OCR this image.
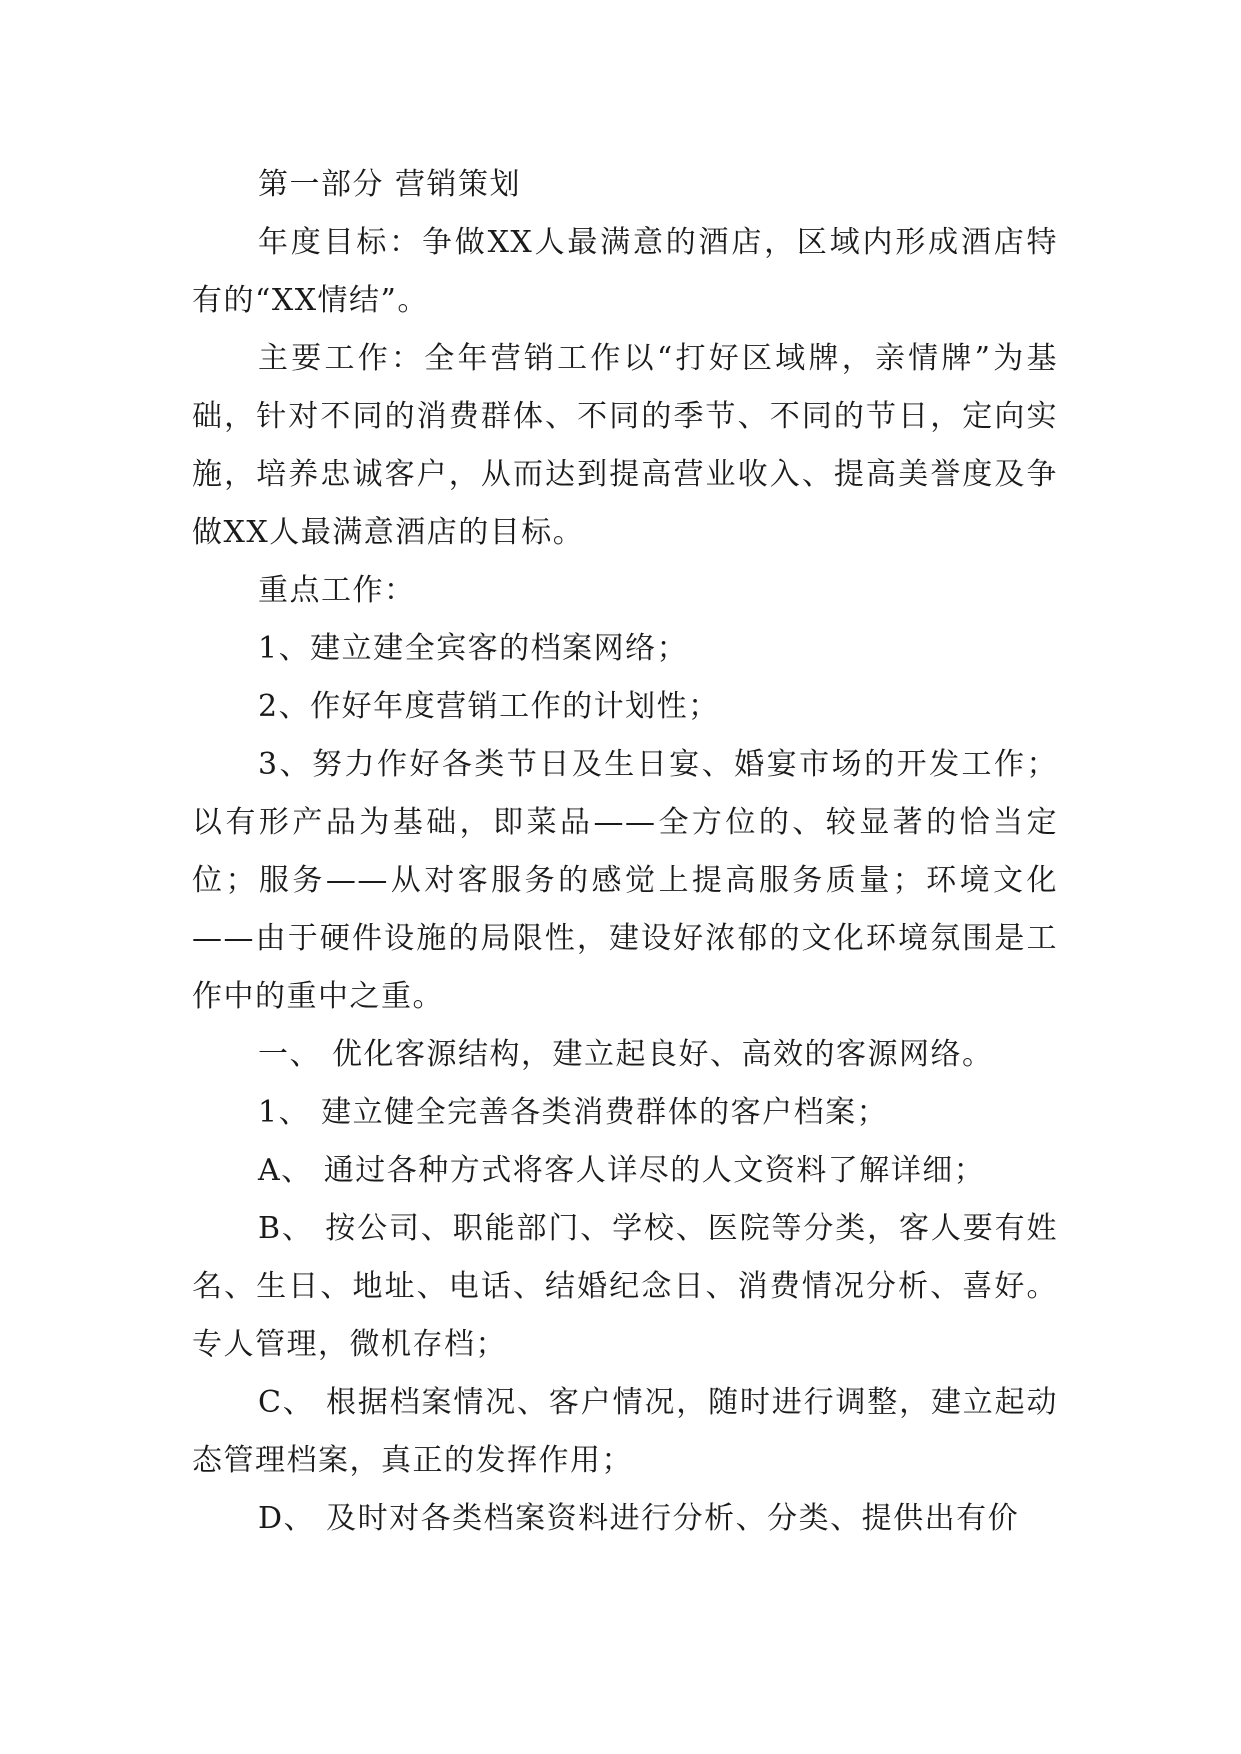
第一部分 营销策划

年度目标：争做XX人最满意的酒店，区域内形成酒店特有的“XX情结”。

主要工作：全年营销工作以“打好区域牌，亲情牌”为基础，针对不同的消费群体、不同的季节、不同的节日，定向实施，培养忠诚客户，从而达到提高营业收入、提高美誉度及争做XX人最满意酒店的目标。

重点工作：

1、建立建全宾客的档案网络；

2、作好年度营销工作的计划性；

3、努力作好各类节日及生日宴、婚宴市场的开发工作；以有形产品为基础，即菜品——全方位的、较显著的恰当定位；服务——从对客服务的感觉上提高服务质量；环境文化——由于硬件设施的局限性，建设好浓郁的文化环境氛围是工作中的重中之重。

一、 优化客源结构，建立起良好、高效的客源网络。

1、 建立健全完善各类消费群体的客户档案；

A、 通过各种方式将客人详尽的人文资料了解详细；

B、 按公司、职能部门、学校、医院等分类，客人要有姓名、生日、地址、电话、结婚纪念日、消费情况分析、喜好。专人管理，微机存档；

C、 根据档案情况、客户情况，随时进行调整，建立起动态管理档案，真正的发挥作用；

D、 及时对各类档案资料进行分析、分类、提供出有价
